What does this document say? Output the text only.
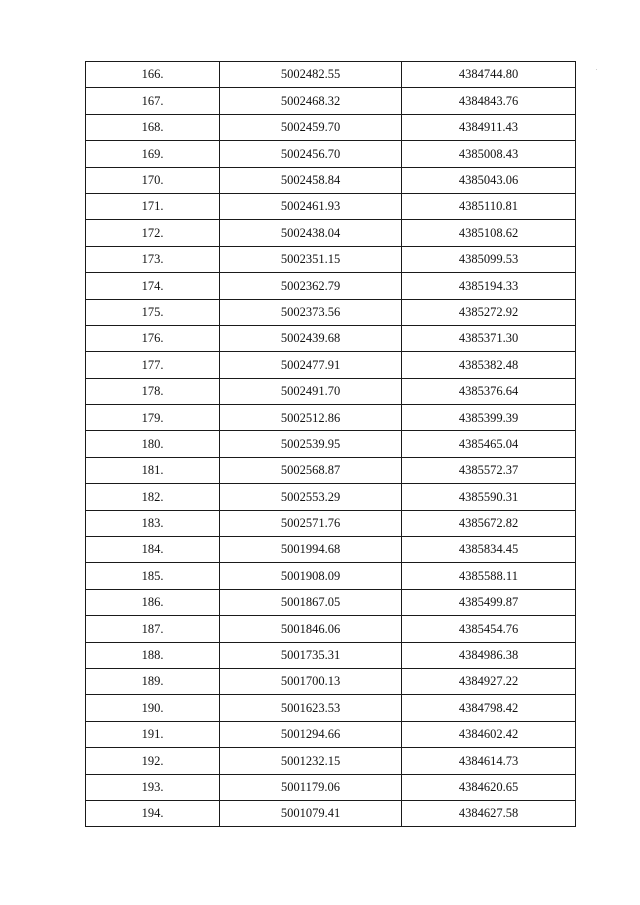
166.	5002482.55	4384744.80
167.	5002468.32	4384843.76
168.	5002459.70	4384911.43
169.	5002456.70	4385008.43
170.	5002458.84	4385043.06
171.	5002461.93	4385110.81
172.	5002438.04	4385108.62
173.	5002351.15	4385099.53
174.	5002362.79	4385194.33
175.	5002373.56	4385272.92
176.	5002439.68	4385371.30
177.	5002477.91	4385382.48
178.	5002491.70	4385376.64
179.	5002512.86	4385399.39
180.	5002539.95	4385465.04
181.	5002568.87	4385572.37
182.	5002553.29	4385590.31
183.	5002571.76	4385672.82
184.	5001994.68	4385834.45
185.	5001908.09	4385588.11
186.	5001867.05	4385499.87
187.	5001846.06	4385454.76
188.	5001735.31	4384986.38
189.	5001700.13	4384927.22
190.	5001623.53	4384798.42
191.	5001294.66	4384602.42
192.	5001232.15	4384614.73
193.	5001179.06	4384620.65
194.	5001079.41	4384627.58
